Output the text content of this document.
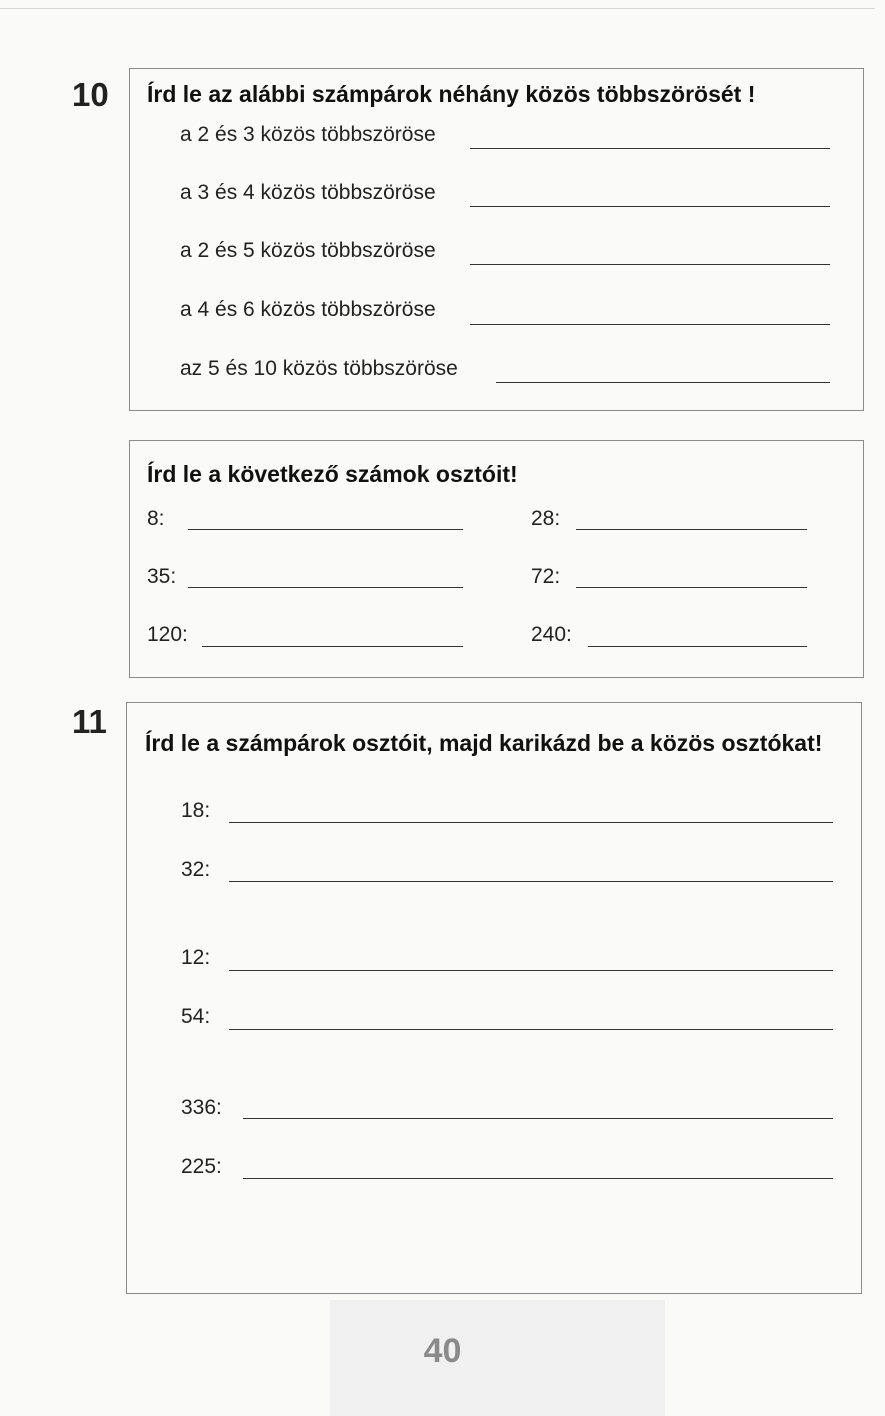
10 Írd le az alábbi számpárok néhány közös többszörösét !
a 2 és 3 közös többszöröse
a 3 és 4 közös többszöröse
a 2 és 5 közös többszöröse
a 4 és 6 közös többszöröse
az 5 és 10 közös többszöröse
Írd le a következő számok osztóit!
8:	28:
35:	72:
120:	240:
11
Írd le a számpárok osztóit, majd karikázd be a közös osztókat!
18:
32:
12:
54:
336:
225:
40
